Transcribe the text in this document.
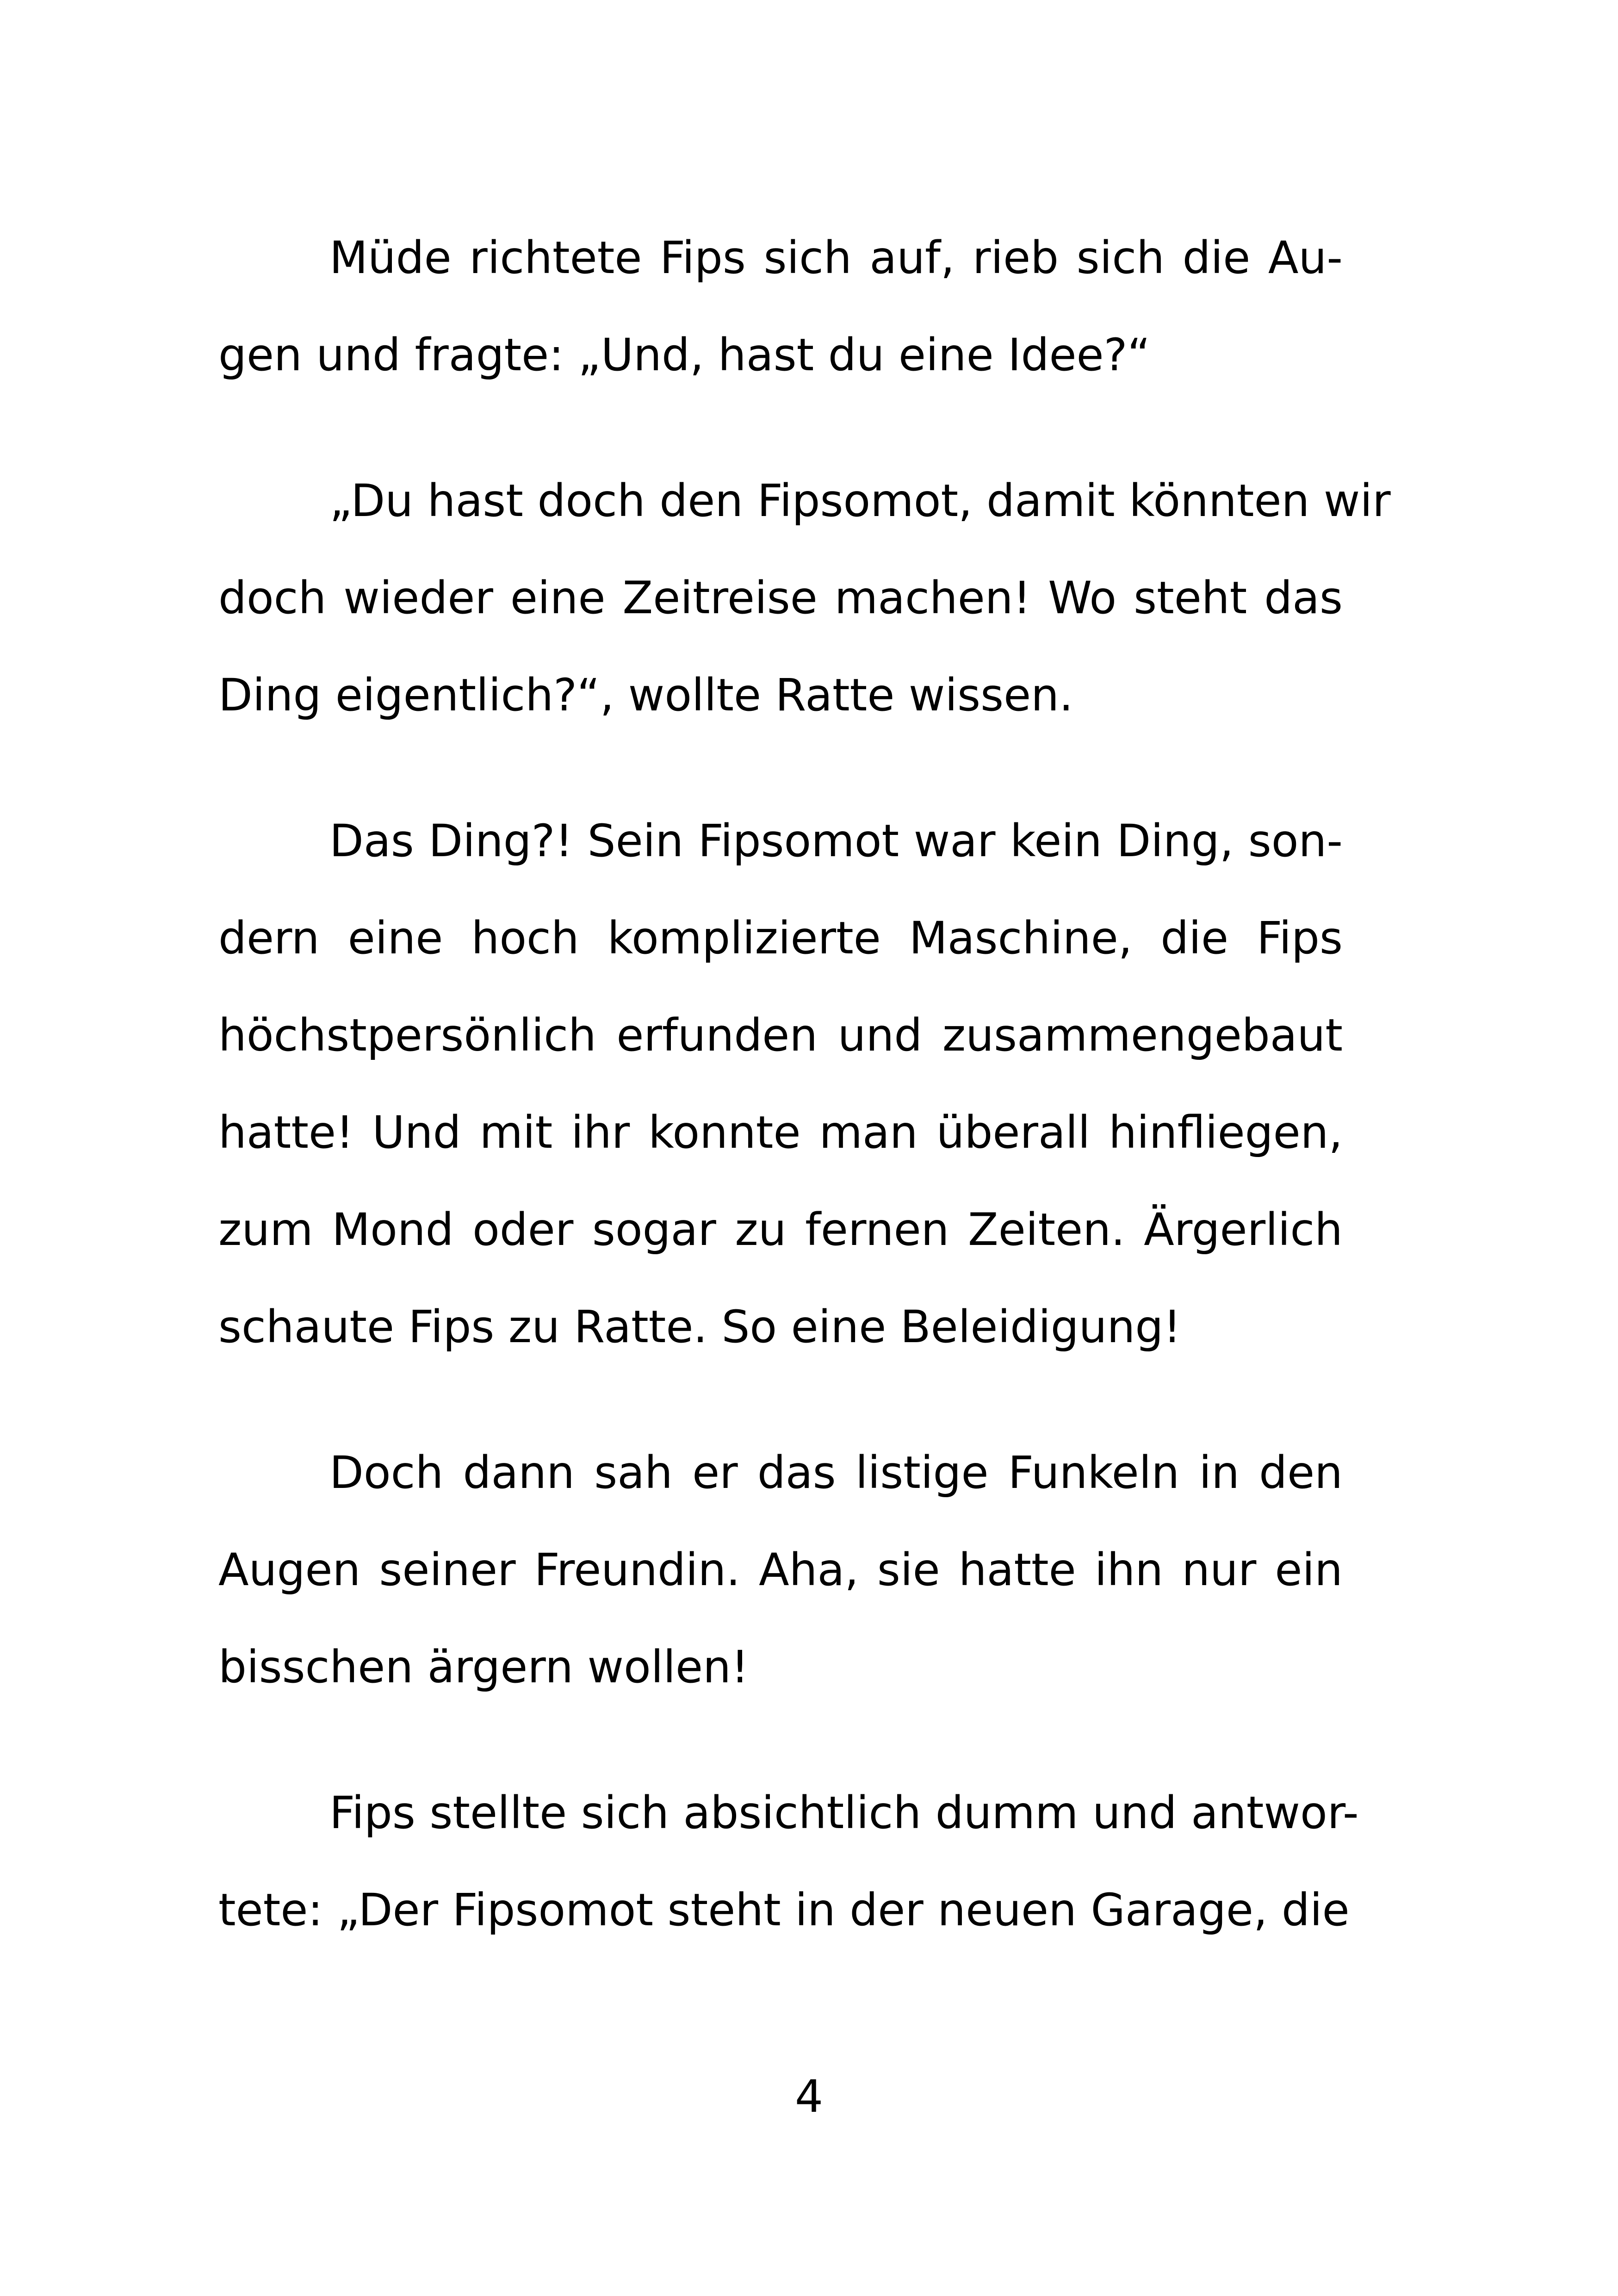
Müde richtete Fips sich auf, rieb sich die Au-
gen und fragte: „Und, hast du eine Idee?“
„Du hast doch den Fipsomot, damit könnten wir
doch wieder eine Zeitreise machen! Wo steht das
Ding eigentlich?“, wollte Ratte wissen.
Das Ding?! Sein Fipsomot war kein Ding, son-
dern eine hoch komplizierte Maschine, die Fips
höchstpersönlich erfunden und zusammengebaut
hatte! Und mit ihr konnte man überall hinfliegen,
zum Mond oder sogar zu fernen Zeiten. Ärgerlich
schaute Fips zu Ratte. So eine Beleidigung!
Doch dann sah er das listige Funkeln in den
Augen seiner Freundin. Aha, sie hatte ihn nur ein
bisschen ärgern wollen!
Fips stellte sich absichtlich dumm und antwor-
tete: „Der Fipsomot steht in der neuen Garage, die
4
